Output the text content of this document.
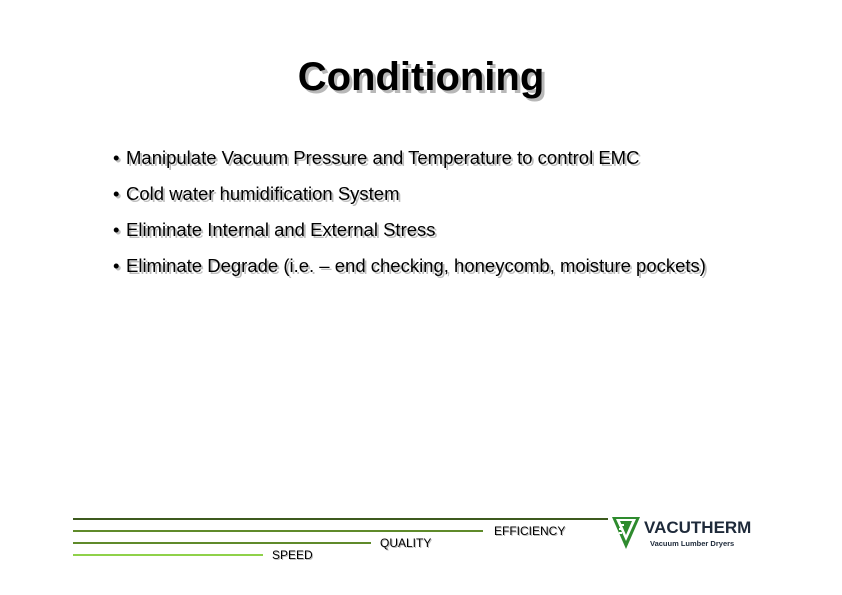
Conditioning
• Manipulate Vacuum Pressure and Temperature to control EMC
• Cold water humidification System
• Eliminate Internal and External Stress
• Eliminate Degrade (i.e. – end checking, honeycomb, moisture pockets)
EFFICIENCY
QUALITY
SPEED
VACUTHERM
Vacuum Lumber Dryers
